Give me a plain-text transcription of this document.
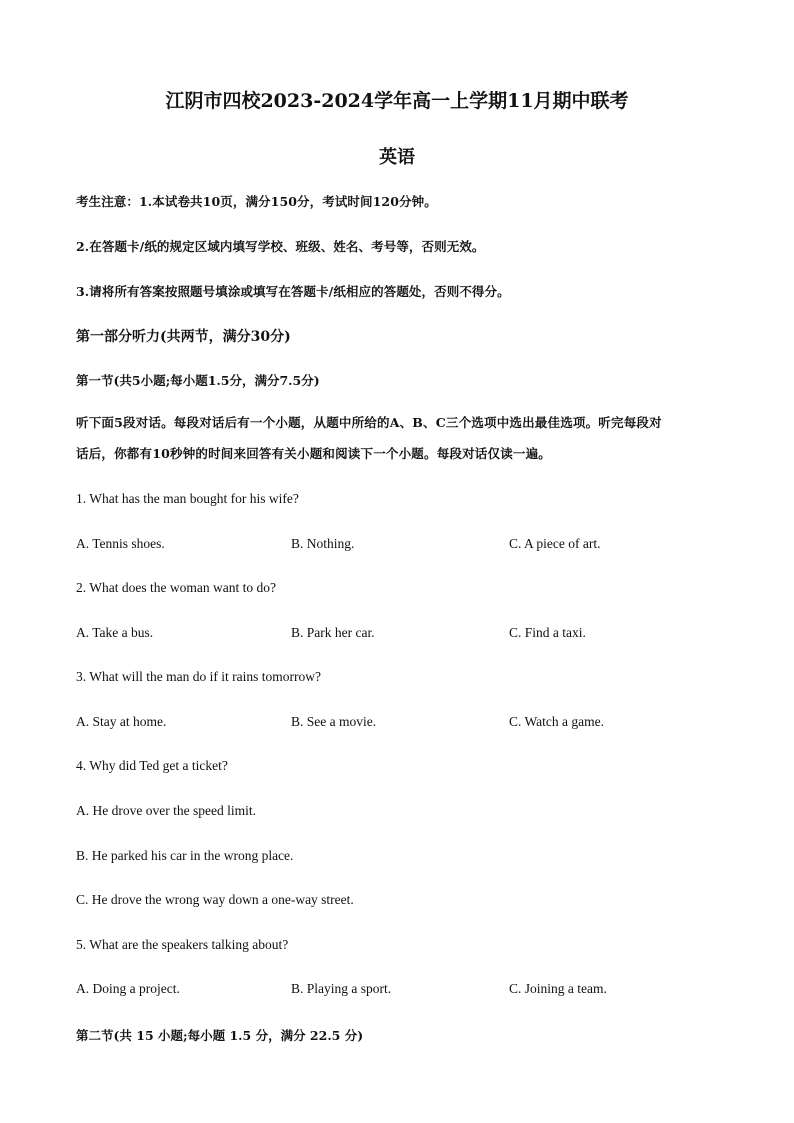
江阴市四校2023-2024学年高一上学期11月期中联考
英语
考生注意：1.本试卷共10页，满分150分，考试时间120分钟。
2.在答题卡/纸的规定区域内填写学校、班级、姓名、考号等，否则无效。
3.请将所有答案按照题号填涂或填写在答题卡/纸相应的答题处，否则不得分。
第一部分听力(共两节，满分30分)
第一节(共5小题;每小题1.5分，满分7.5分)
听下面5段对话。每段对话后有一个小题，从题中所给的A、B、C三个选项中选出最佳选项。听完每段对
话后，你都有10秒钟的时间来回答有关小题和阅读下一个小题。每段对话仅读一遍。
1. What has the man bought for his wife?
A. Tennis shoes.	B. Nothing.	C. A piece of art.
2. What does the woman want to do?
A. Take a bus.	B. Park her car.	C. Find a taxi.
3. What will the man do if it rains tomorrow?
A. Stay at home.	B. See a movie.	C. Watch a game.
4. Why did Ted get a ticket?
A. He drove over the speed limit.
B. He parked his car in the wrong place.
C. He drove the wrong way down a one-way street.
5. What are the speakers talking about?
A. Doing a project.	B. Playing a sport.	C. Joining a team.
第二节(共 15 小题;每小题 1.5 分，满分 22.5 分)
